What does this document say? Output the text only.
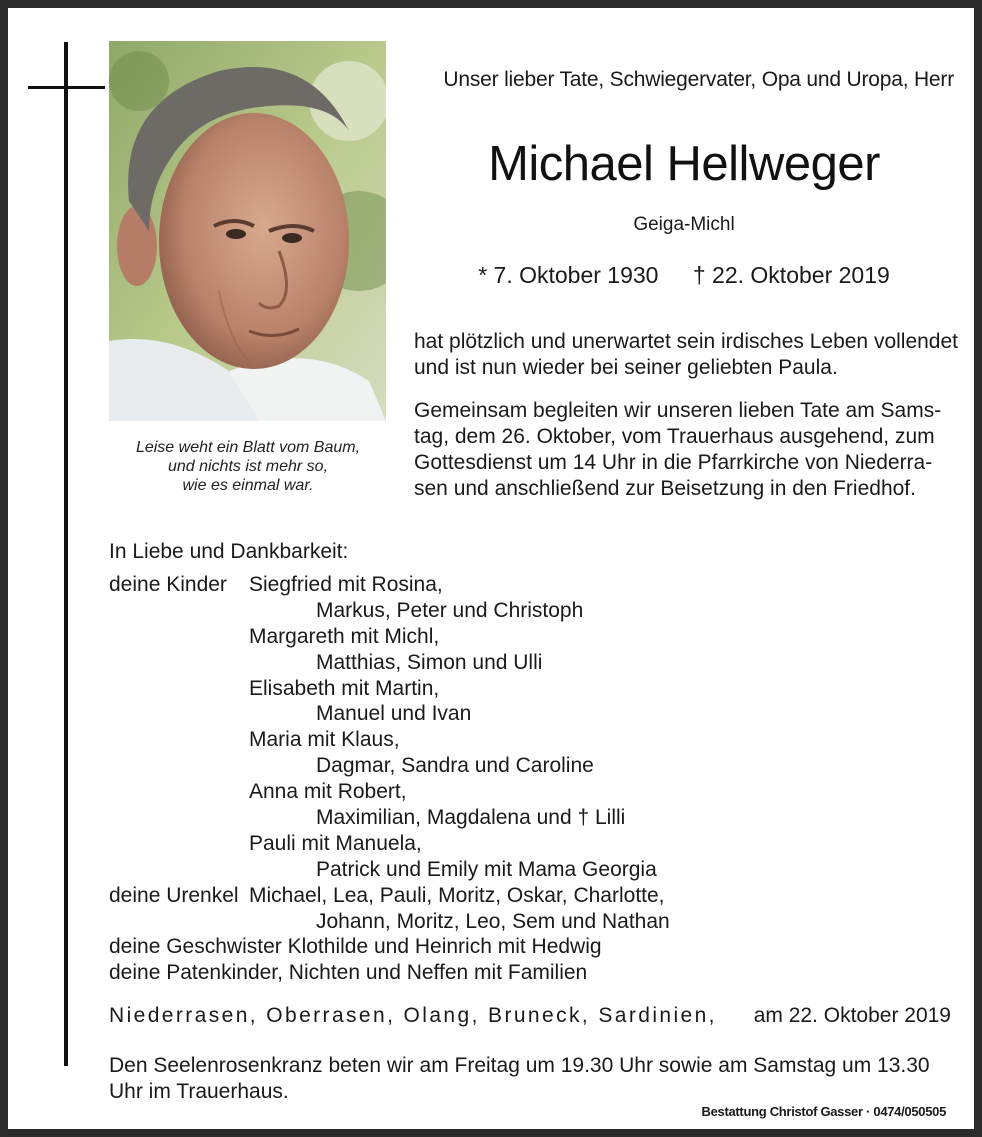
Leise weht ein Blatt vom Baum,
und nichts ist mehr so,
wie es einmal war.
Unser lieber Tate, Schwiegervater, Opa und Uropa, Herr
Michael Hellweger
Geiga-Michl
* 7. Oktober 1930 † 22. Oktober 2019
hat plötzlich und unerwartet sein irdisches Leben vollendet
und ist nun wieder bei seiner geliebten Paula.
Gemeinsam begleiten wir unseren lieben Tate am Sams-
tag, dem 26. Oktober, vom Trauerhaus ausgehend, zum
Gottesdienst um 14 Uhr in die Pfarrkirche von Niederra-
sen und anschließend zur Beisetzung in den Friedhof.
In Liebe und Dankbarkeit:
deine Kinder	Siegfried mit Rosina,
Markus, Peter und Christoph
Margareth mit Michl,
Matthias, Simon und Ulli
Elisabeth mit Martin,
Manuel und Ivan
Maria mit Klaus,
Dagmar, Sandra und Caroline
Anna mit Robert,
Maximilian, Magdalena und † Lilli
Pauli mit Manuela,
Patrick und Emily mit Mama Georgia
deine Urenkel Michael, Lea, Pauli, Moritz, Oskar, Charlotte,
Johann, Moritz, Leo, Sem und Nathan
deine Geschwister Klothilde und Heinrich mit Hedwig
deine Patenkinder, Nichten und Neffen mit Familien
Niederrasen, Oberrasen, Olang, Bruneck, Sardinien, am 22. Oktober 2019
Den Seelenrosenkranz beten wir am Freitag um 19.30 Uhr sowie am Samstag um 13.30
Uhr im Trauerhaus.
Bestattung Christof Gasser · 0474/050505
